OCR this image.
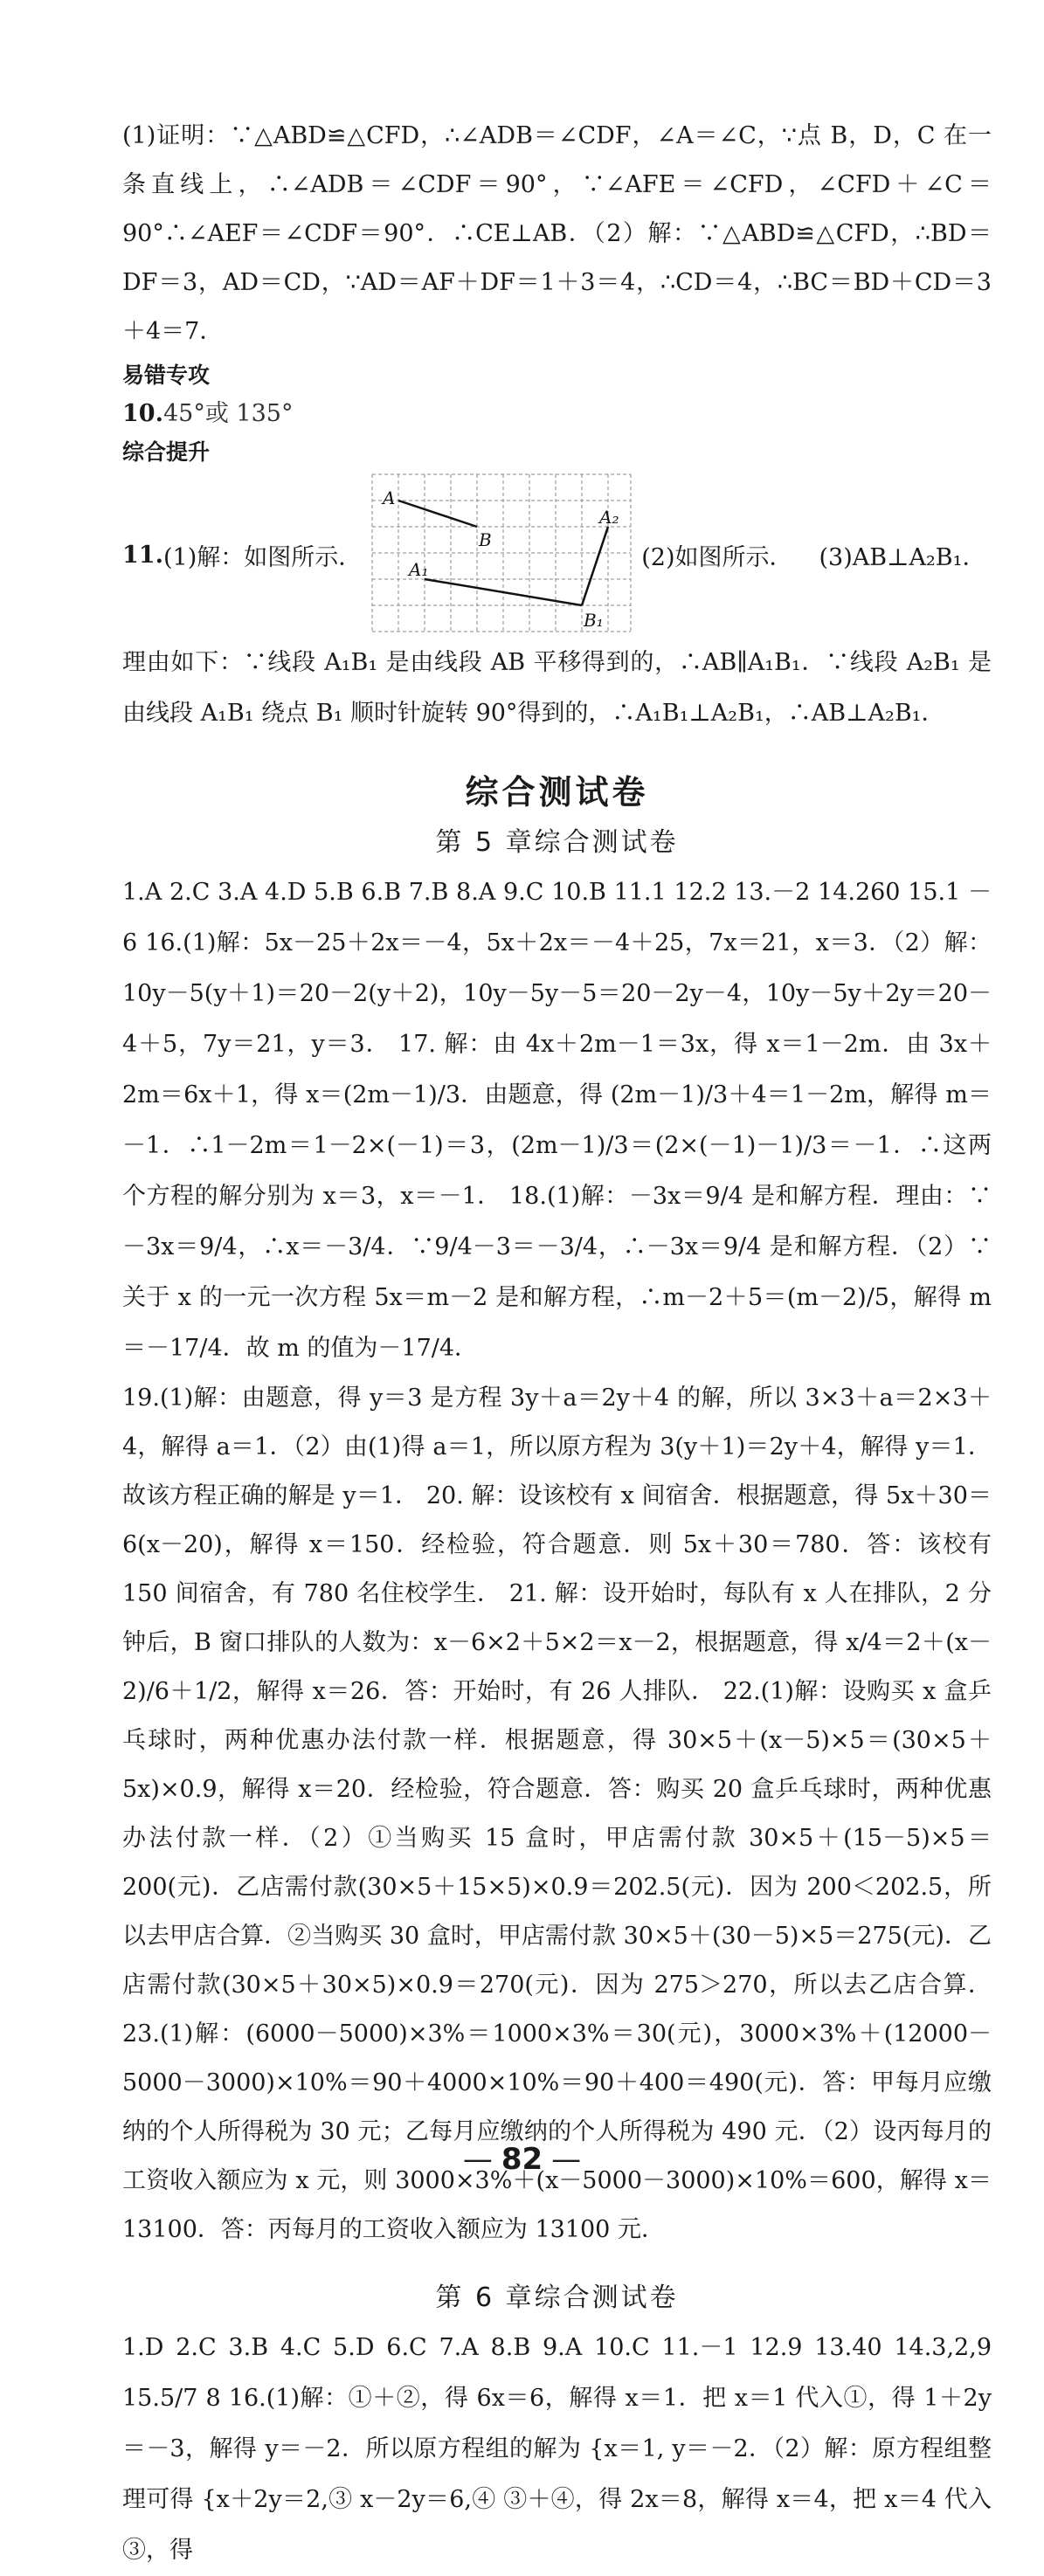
(1)证明：∵△ABD≌△CFD，∴∠ADB＝∠CDF，∠A＝∠C，∵点 B，D，C 在一条直线上，∴∠ADB＝∠CDF＝90°，∵∠AFE＝∠CFD，∠CFD＋∠C＝90°∴∠AEF＝∠CDF＝90°．∴CE⊥AB．（2）解：∵△ABD≌△CFD，∴BD＝DF＝3，AD＝CD，∵AD＝AF＋DF＝1＋3＝4，∴CD＝4，∴BC＝BD＋CD＝3＋4＝7．

易错专攻

10.45°或 135°

综合提升

11. (1)解：如图所示．
A
B
A₂
A₁
B₁
(2)如图所示． (3)AB⊥A₂B₁．

理由如下：∵线段 A₁B₁ 是由线段 AB 平移得到的，∴AB∥A₁B₁．∵线段 A₂B₁ 是由线段 A₁B₁ 绕点 B₁ 顺时针旋转 90°得到的，∴A₁B₁⊥A₂B₁，∴AB⊥A₂B₁．

综合测试卷
第 5 章综合测试卷

1.A 2.C 3.A 4.D 5.B 6.B 7.B 8.A 9.C 10.B 11.1 12.2 13.－2 14.260 15.1 －6 16.(1)解：5x－25＋2x＝－4，5x＋2x＝－4＋25，7x＝21，x＝3．（2）解：10y－5(y＋1)＝20－2(y＋2)，10y－5y－5＝20－2y－4，10y－5y＋2y＝20－4＋5，7y＝21，y＝3． 17. 解：由 4x＋2m－1＝3x，得 x＝1－2m．由 3x＋2m＝6x＋1，得 x＝(2m－1)/3．由题意，得 (2m－1)/3＋4＝1－2m，解得 m＝－1．∴1－2m＝1－2×(－1)＝3，(2m－1)/3＝(2×(－1)－1)/3＝－1．∴这两个方程的解分别为 x＝3，x＝－1． 18.(1)解：－3x＝9/4 是和解方程．理由：∵－3x＝9/4，∴x＝－3/4．∵9/4－3＝－3/4，∴－3x＝9/4 是和解方程．（2）∵关于 x 的一元一次方程 5x＝m－2 是和解方程，∴m－2＋5＝(m－2)/5，解得 m＝－17/4．故 m 的值为－17/4．

19.(1)解：由题意，得 y＝3 是方程 3y＋a＝2y＋4 的解，所以 3×3＋a＝2×3＋4，解得 a＝1．（2）由(1)得 a＝1，所以原方程为 3(y＋1)＝2y＋4，解得 y＝1．故该方程正确的解是 y＝1． 20. 解：设该校有 x 间宿舍．根据题意，得 5x＋30＝6(x－20)，解得 x＝150．经检验，符合题意．则 5x＋30＝780．答：该校有 150 间宿舍，有 780 名住校学生． 21. 解：设开始时，每队有 x 人在排队，2 分钟后，B 窗口排队的人数为：x－6×2＋5×2＝x－2，根据题意，得 x/4＝2＋(x－2)/6＋1/2，解得 x＝26．答：开始时，有 26 人排队． 22.(1)解：设购买 x 盒乒乓球时，两种优惠办法付款一样．根据题意，得 30×5＋(x－5)×5＝(30×5＋5x)×0.9，解得 x＝20．经检验，符合题意．答：购买 20 盒乒乓球时，两种优惠办法付款一样．（2）①当购买 15 盒时，甲店需付款 30×5＋(15－5)×5＝200(元)．乙店需付款(30×5＋15×5)×0.9＝202.5(元)．因为 200＜202.5，所以去甲店合算．②当购买 30 盒时，甲店需付款 30×5＋(30－5)×5＝275(元)．乙店需付款(30×5＋30×5)×0.9＝270(元)．因为 275＞270，所以去乙店合算． 23.(1)解：(6000－5000)×3%＝1000×3%＝30(元)，3000×3%＋(12000－5000－3000)×10%＝90＋4000×10%＝90＋400＝490(元)．答：甲每月应缴纳的个人所得税为 30 元；乙每月应缴纳的个人所得税为 490 元．（2）设丙每月的工资收入额应为 x 元，则 3000×3%＋(x－5000－3000)×10%＝600，解得 x＝13100．答：丙每月的工资收入额应为 13100 元．

第 6 章综合测试卷

1.D 2.C 3.B 4.C 5.D 6.C 7.A 8.B 9.A 10.C 11.－1 12.9 13.40 14.3,2,9 15.5/7 8 16.(1)解：①＋②，得 6x＝6，解得 x＝1．把 x＝1 代入①，得 1＋2y＝－3，解得 y＝－2．所以原方程组的解为 {x＝1, y＝－2．（2）解：原方程组整理可得 {x＋2y＝2,③ x－2y＝6,④ ③＋④，得 2x＝8，解得 x＝4，把 x＝4 代入③，得

— 82 —
